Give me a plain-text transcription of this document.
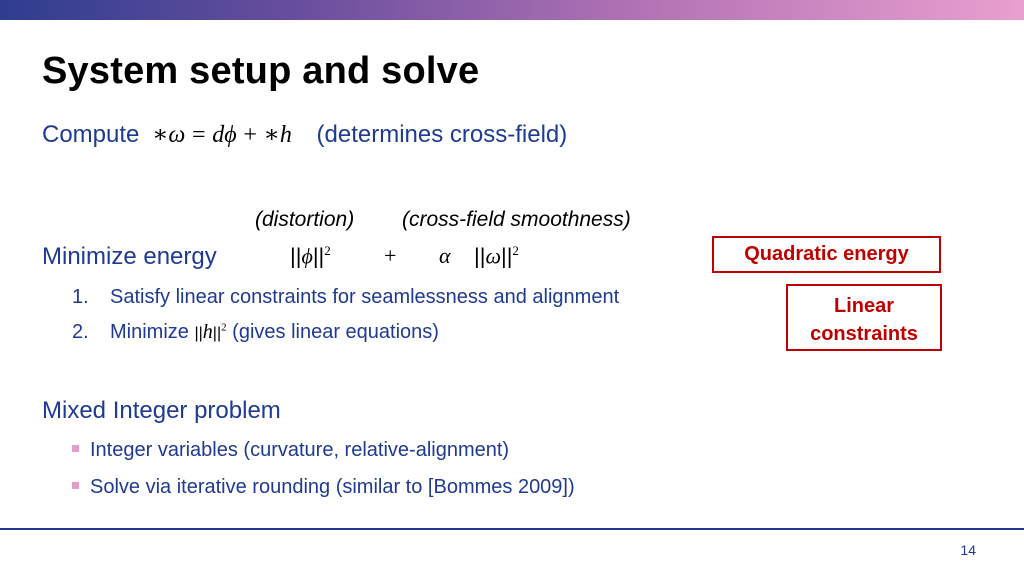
System setup and solve
Compute ∗ω = dϕ + ∗h (determines cross-field)
(distortion) (cross-field smoothness)
Minimize energy	$||\phi||^2 + \alpha$ $||\omega||^2$
1. Satisfy linear constraints for seamlessness and alignment
2. Minimize $||h||^2$ (gives linear equations)
Mixed Integer problem
Integer variables (curvature, relative-alignment)
Solve via iterative rounding (similar to [Bommes 2009])
Quadratic energy
Linear
constraints
14
